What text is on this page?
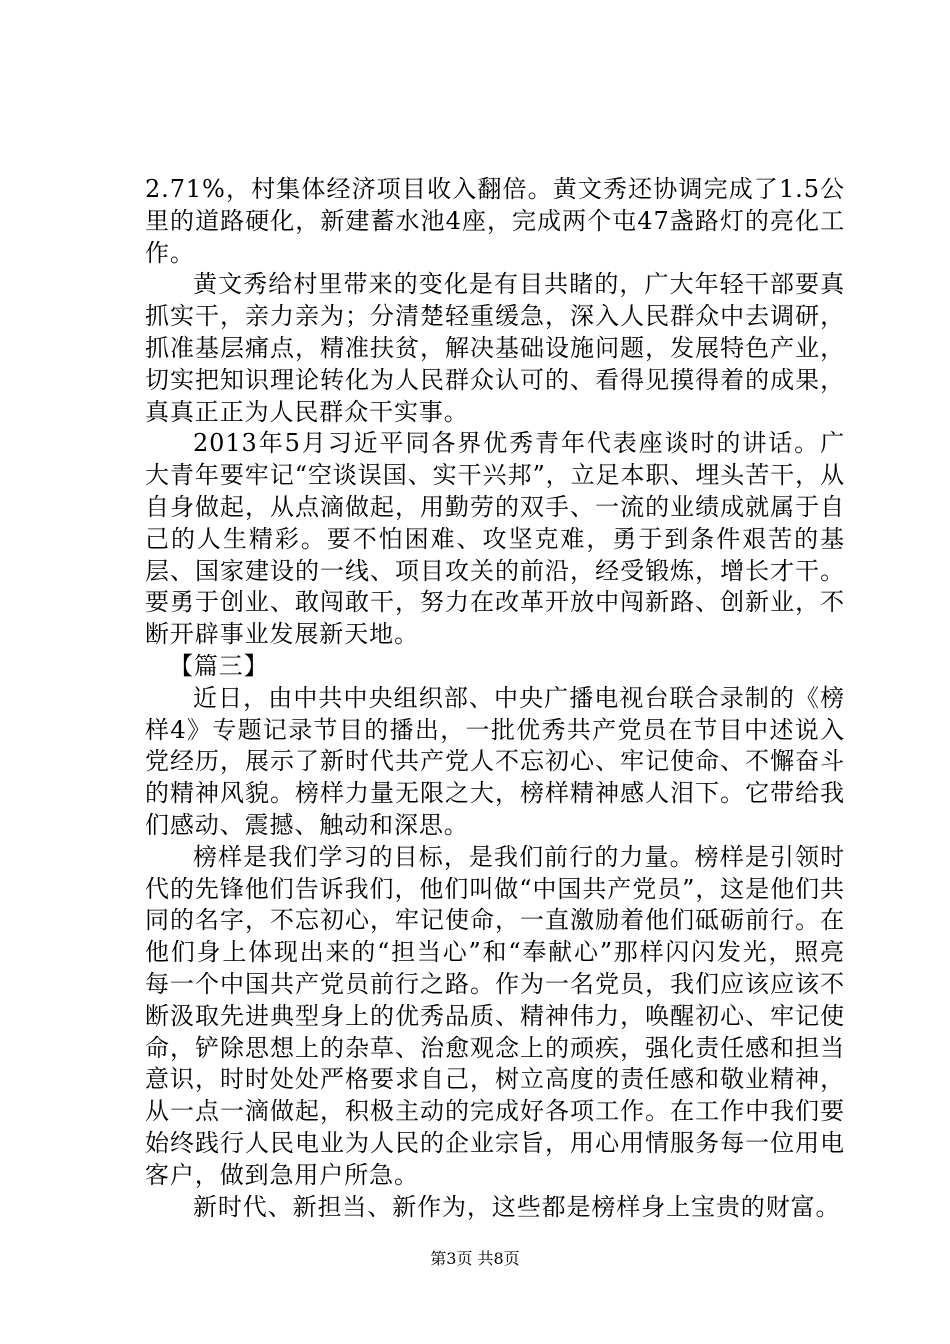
2.71%，村集体经济项目收入翻倍。黄文秀还协调完成了1.5公里的道路硬化，新建蓄水池4座，完成两个屯47盏路灯的亮化工作。

黄文秀给村里带来的变化是有目共睹的，广大年轻干部要真抓实干，亲力亲为；分清楚轻重缓急，深入人民群众中去调研，抓准基层痛点，精准扶贫，解决基础设施问题，发展特色产业，切实把知识理论转化为人民群众认可的、看得见摸得着的成果，真真正正为人民群众干实事。

2013年5月习近平同各界优秀青年代表座谈时的讲话。广大青年要牢记“空谈误国、实干兴邦”，立足本职、埋头苦干，从自身做起，从点滴做起，用勤劳的双手、一流的业绩成就属于自己的人生精彩。要不怕困难、攻坚克难，勇于到条件艰苦的基层、国家建设的一线、项目攻关的前沿，经受锻炼，增长才干。要勇于创业、敢闯敢干，努力在改革开放中闯新路、创新业，不断开辟事业发展新天地。

【篇三】

近日，由中共中央组织部、中央广播电视台联合录制的《榜样4》专题记录节目的播出，一批优秀共产党员在节目中述说入党经历，展示了新时代共产党人不忘初心、牢记使命、不懈奋斗的精神风貌。榜样力量无限之大，榜样精神感人泪下。它带给我们感动、震撼、触动和深思。

榜样是我们学习的目标，是我们前行的力量。榜样是引领时代的先锋他们告诉我们，他们叫做“中国共产党员”，这是他们共同的名字，不忘初心，牢记使命，一直激励着他们砥砺前行。在他们身上体现出来的“担当心”和“奉献心”那样闪闪发光，照亮每一个中国共产党员前行之路。作为一名党员，我们应该应该不断汲取先进典型身上的优秀品质、精神伟力，唤醒初心、牢记使命，铲除思想上的杂草、治愈观念上的顽疾，强化责任感和担当意识，时时处处严格要求自己，树立高度的责任感和敬业精神，从一点一滴做起，积极主动的完成好各项工作。在工作中我们要始终践行人民电业为人民的企业宗旨，用心用情服务每一位用电客户，做到急用户所急。

新时代、新担当、新作为，这些都是榜样身上宝贵的财富。

第3页 共8页
